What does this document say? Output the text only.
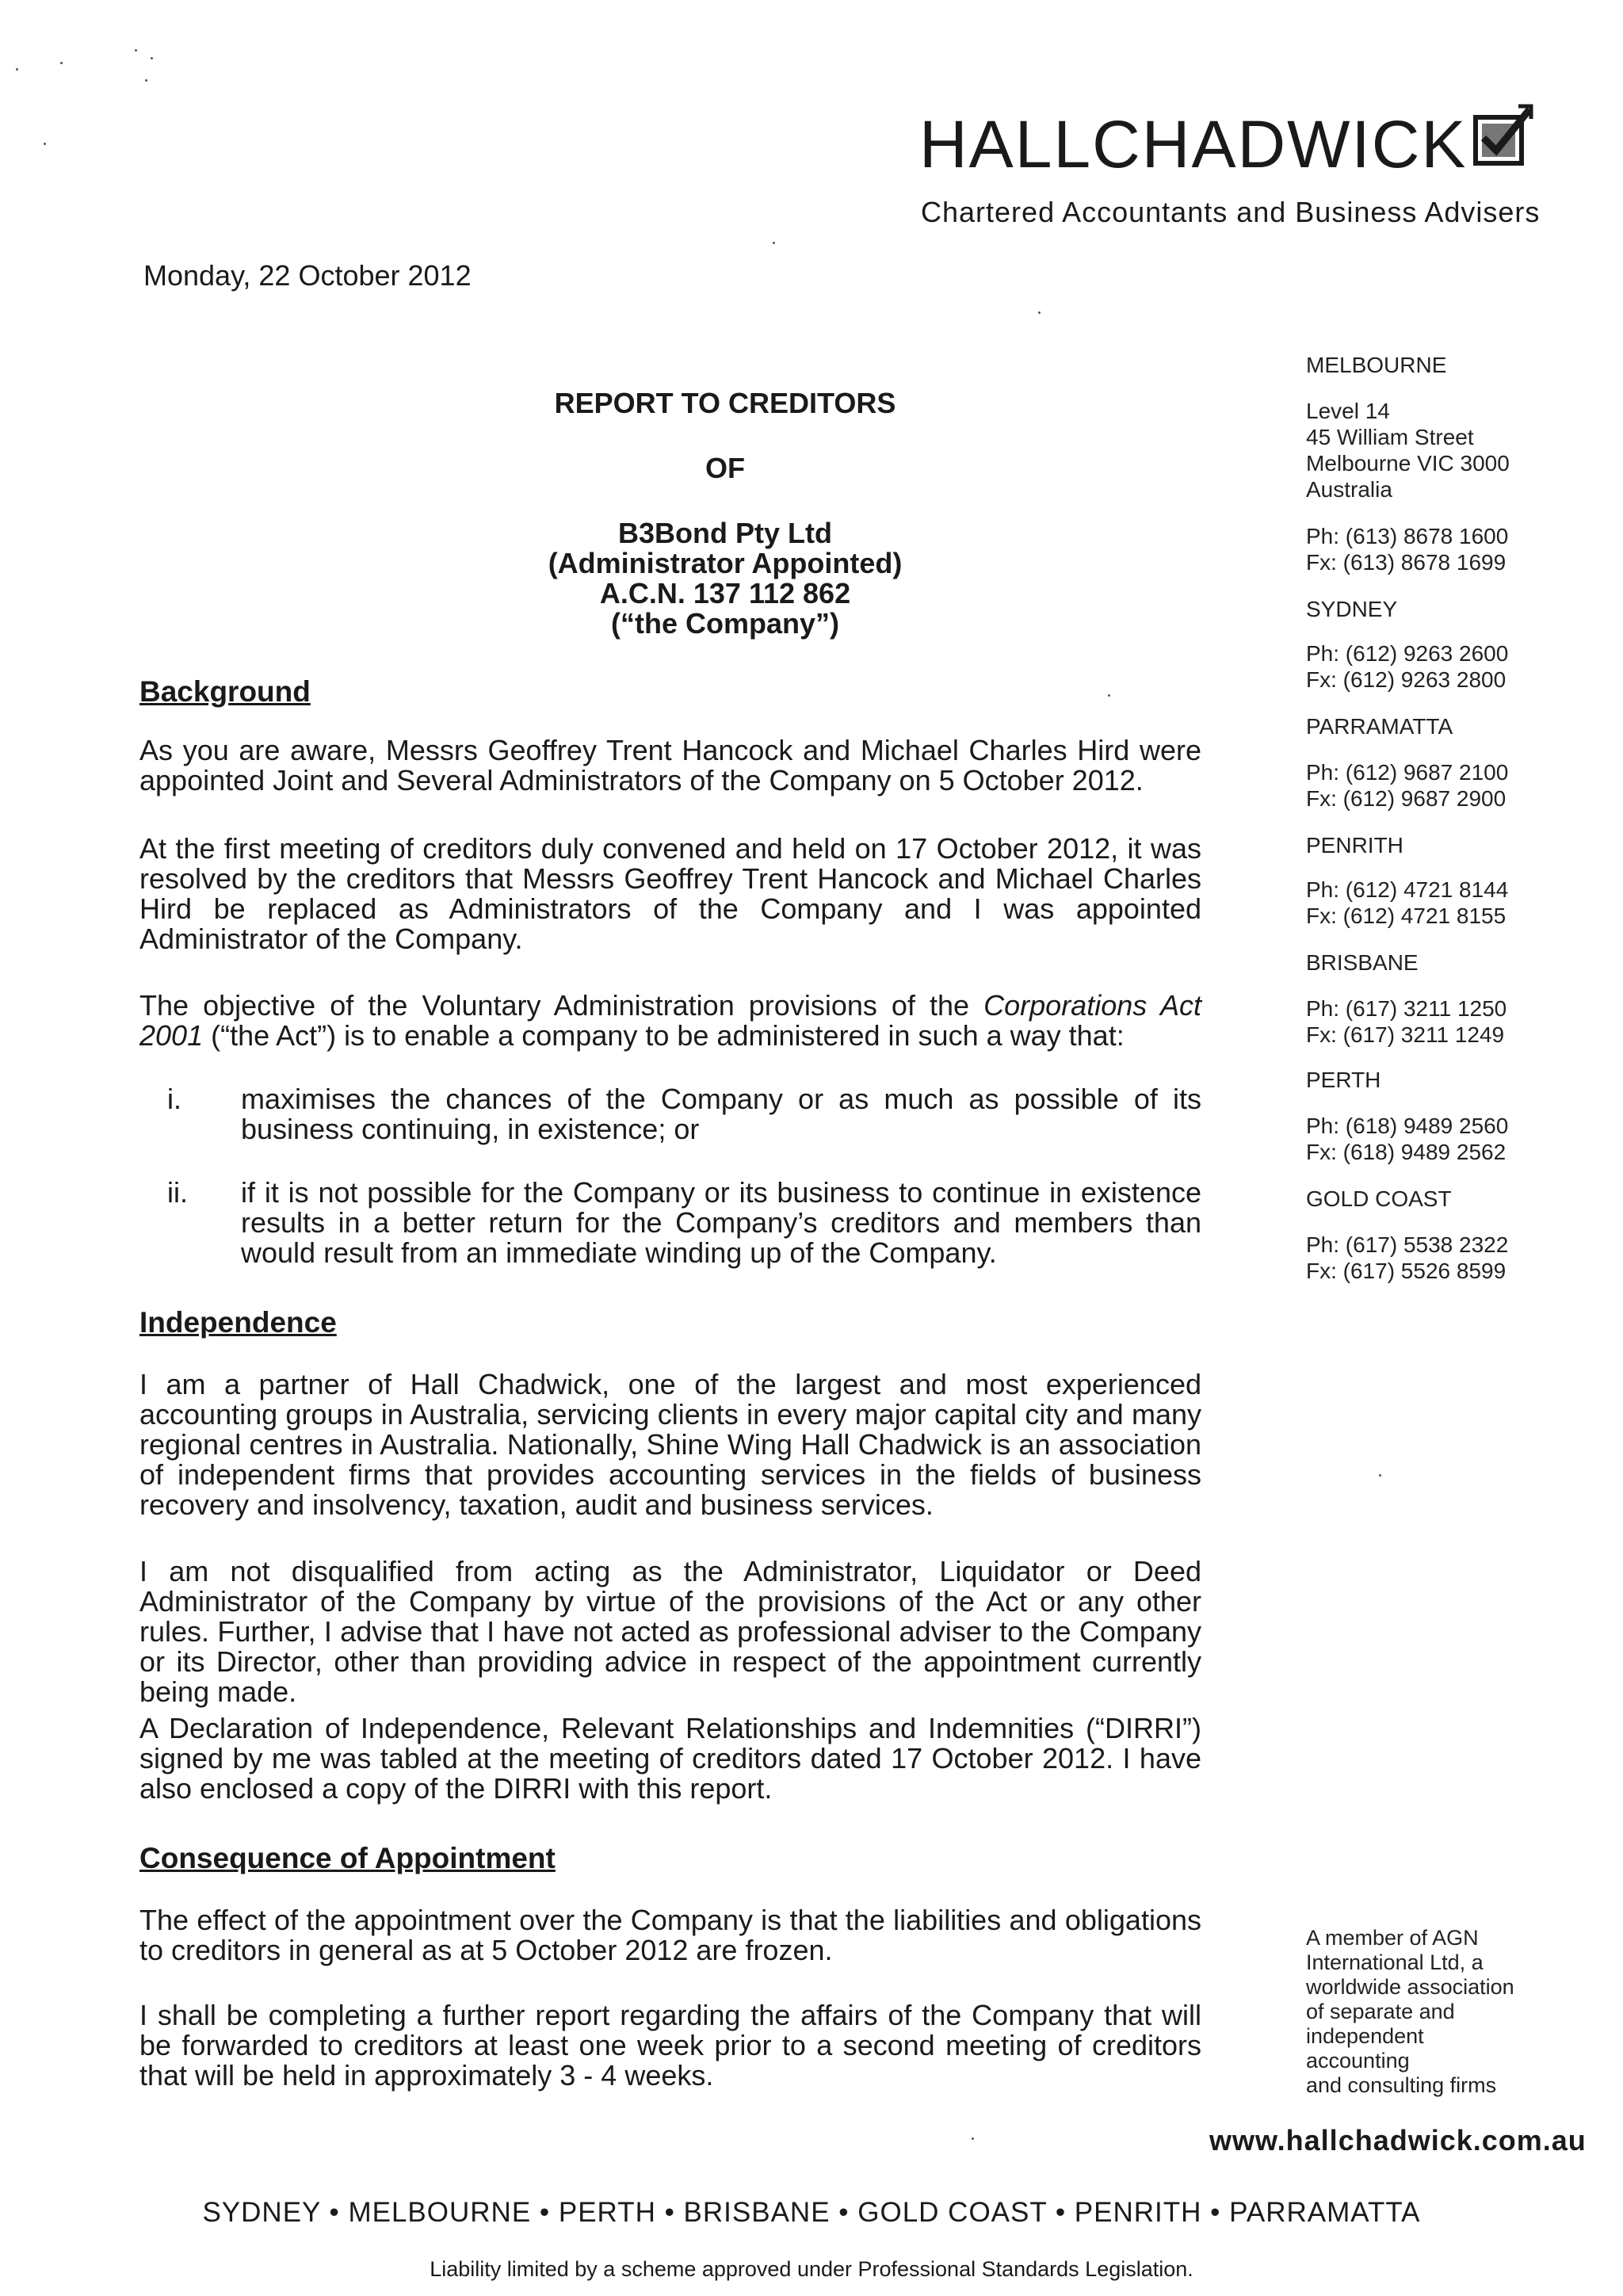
HALLCHADWICK
Chartered Accountants and Business Advisers
Monday, 22 October 2012
REPORT TO CREDITORS
OF
B3Bond Pty Ltd
(Administrator Appointed)
A.C.N. 137 112 862
(“the Company”)
Background
As you are aware, Messrs Geoffrey Trent Hancock and Michael Charles Hird were appointed Joint and Several Administrators of the Company on 5 October 2012.
At the first meeting of creditors duly convened and held on 17 October 2012, it was resolved by the creditors that Messrs Geoffrey Trent Hancock and Michael Charles Hird be replaced as Administrators of the Company and I was appointed Administrator of the Company.
The objective of the Voluntary Administration provisions of the Corporations Act 2001 (“the Act”) is to enable a company to be administered in such a way that:
i. maximises the chances of the Company or as much as possible of its business continuing, in existence; or
ii. if it is not possible for the Company or its business to continue in existence results in a better return for the Company’s creditors and members than would result from an immediate winding up of the Company.
Independence
I am a partner of Hall Chadwick, one of the largest and most experienced accounting groups in Australia, servicing clients in every major capital city and many regional centres in Australia. Nationally, Shine Wing Hall Chadwick is an association of independent firms that provides accounting services in the fields of business recovery and insolvency, taxation, audit and business services.
I am not disqualified from acting as the Administrator, Liquidator or Deed Administrator of the Company by virtue of the provisions of the Act or any other rules. Further, I advise that I have not acted as professional adviser to the Company or its Director, other than providing advice in respect of the appointment currently being made.
A Declaration of Independence, Relevant Relationships and Indemnities (“DIRRI”) signed by me was tabled at the meeting of creditors dated 17 October 2012. I have also enclosed a copy of the DIRRI with this report.
Consequence of Appointment
The effect of the appointment over the Company is that the liabilities and obligations to creditors in general as at 5 October 2012 are frozen.
I shall be completing a further report regarding the affairs of the Company that will be forwarded to creditors at least one week prior to a second meeting of creditors that will be held in approximately 3 - 4 weeks.
MELBOURNE
Level 14
45 William Street
Melbourne VIC 3000
Australia
Ph: (613) 8678 1600
Fx: (613) 8678 1699
SYDNEY
Ph: (612) 9263 2600
Fx: (612) 9263 2800
PARRAMATTA
Ph: (612) 9687 2100
Fx: (612) 9687 2900
PENRITH
Ph: (612) 4721 8144
Fx: (612) 4721 8155
BRISBANE
Ph: (617) 3211 1250
Fx: (617) 3211 1249
PERTH
Ph: (618) 9489 2560
Fx: (618) 9489 2562
GOLD COAST
Ph: (617) 5538 2322
Fx: (617) 5526 8599
A member of AGN
International Ltd, a
worldwide association
of separate and
independent
accounting
and consulting firms
www.hallchadwick.com.au
SYDNEY • MELBOURNE • PERTH • BRISBANE • GOLD COAST • PENRITH • PARRAMATTA
Liability limited by a scheme approved under Professional Standards Legislation.
